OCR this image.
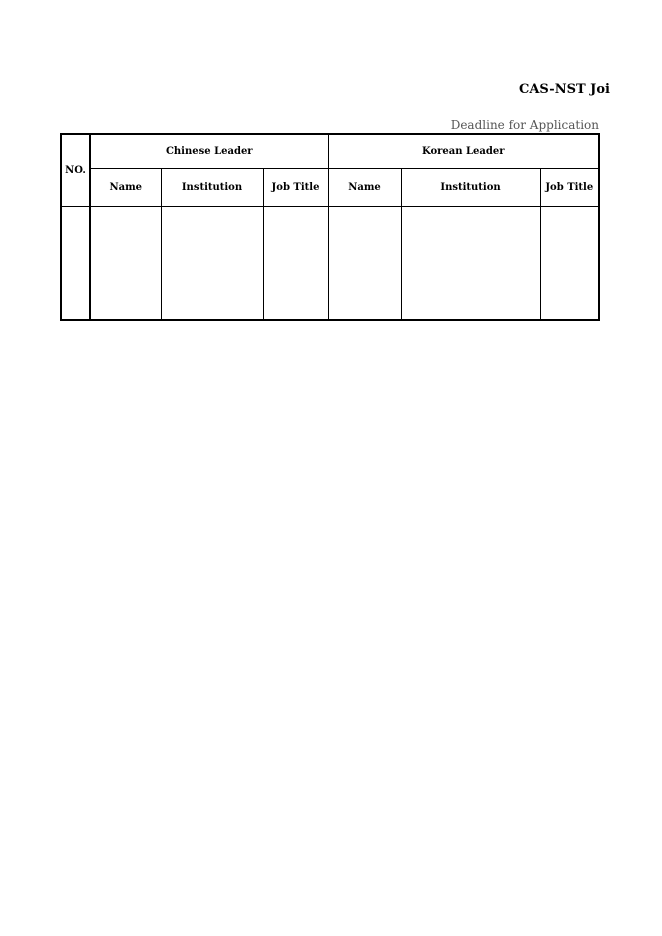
CAS-NST Joi
Deadline for Application
NO.	Chinese Leader			Korean Leader		
	Name	Institution	Job Title	Name	Institution	Job Title
